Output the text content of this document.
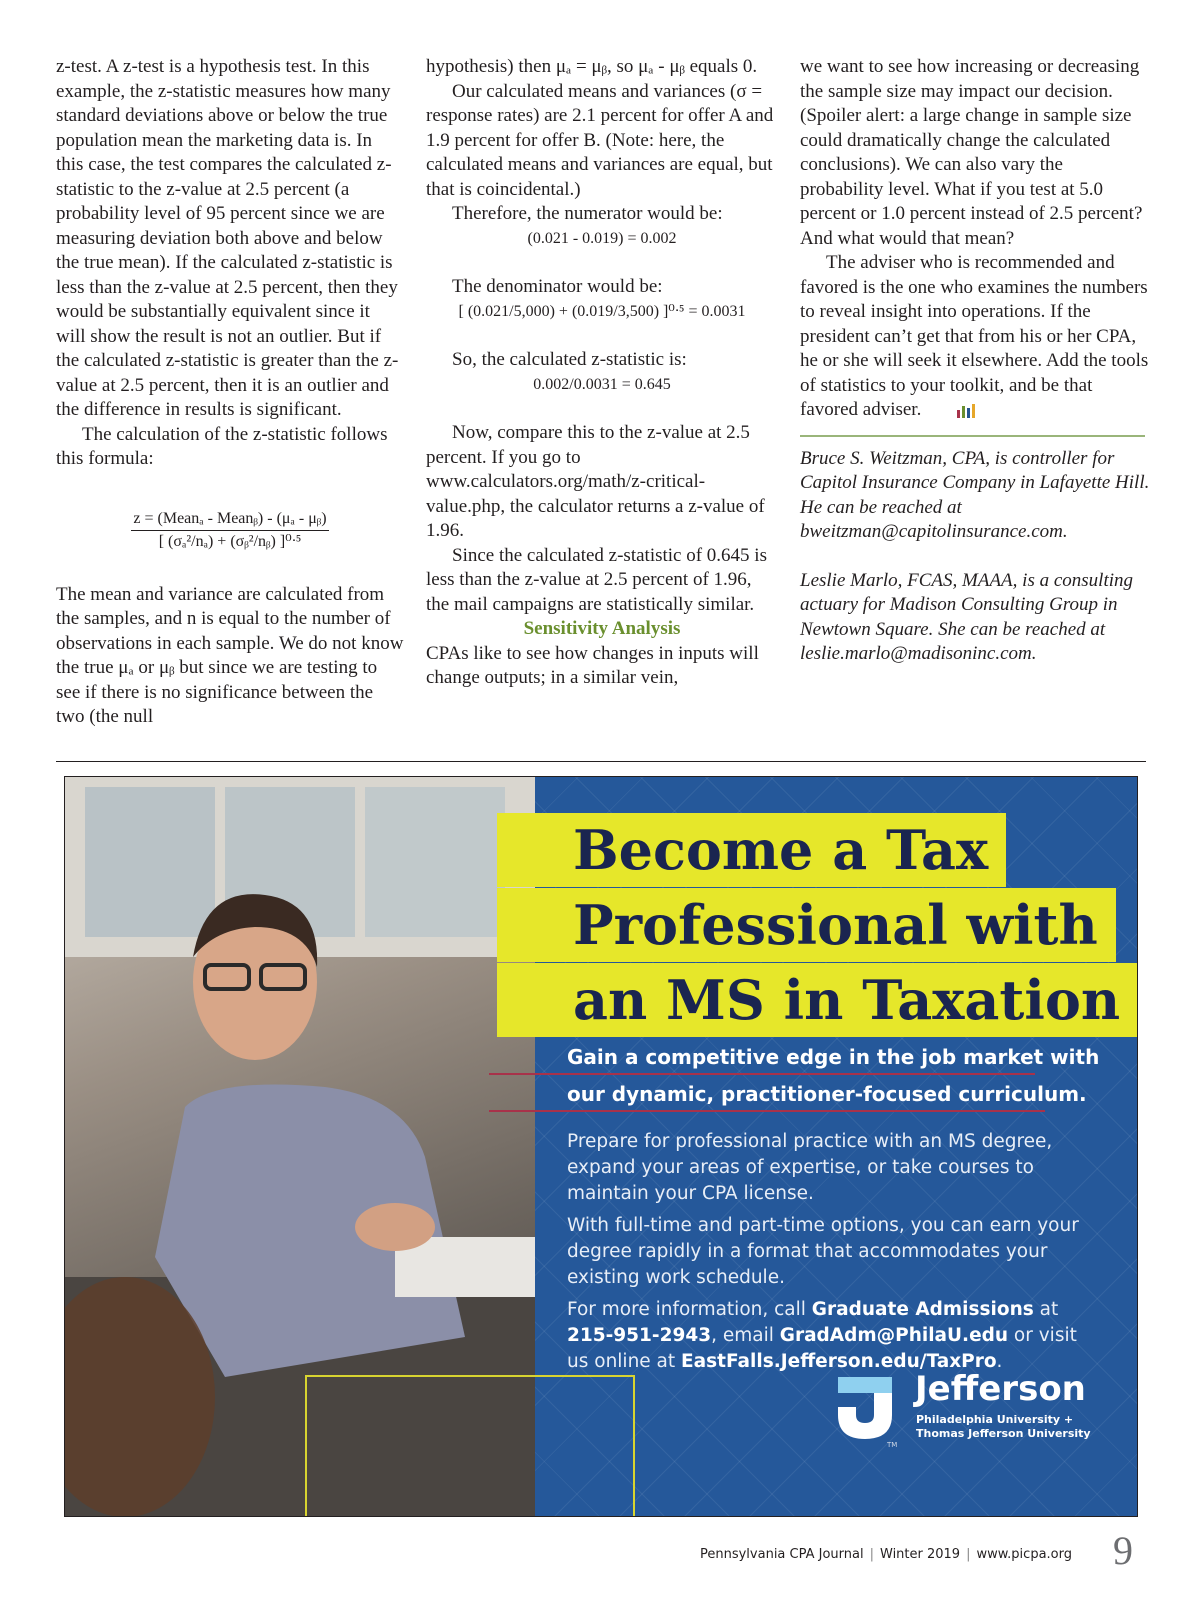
z-test. A z-test is a hypothesis test. In this example, the z-statistic measures how many standard deviations above or below the true population mean the marketing data is. In this case, the test compares the calculated z-statistic to the z-value at 2.5 percent (a probability level of 95 percent since we are measuring deviation both above and below the true mean). If the calculated z-statistic is less than the z-value at 2.5 percent, then they would be substantially equivalent since it will show the result is not an outlier. But if the calculated z-statistic is greater than the z-value at 2.5 percent, then it is an outlier and the difference in results is significant.

The calculation of the z-statistic follows this formula:

z = (Meanₐ - Meanᵦ) - (μₐ - μᵦ)
[ (σₐ²/nₐ) + (σᵦ²/nᵦ) ]⁰ᐧ⁵

The mean and variance are calculated from the samples, and n is equal to the number of observations in each sample. We do not know the true μₐ or μᵦ but since we are testing to see if there is no significance between the two (the null

hypothesis) then μₐ = μᵦ, so μₐ - μᵦ equals 0.

Our calculated means and variances (σ = response rates) are 2.1 percent for offer A and 1.9 percent for offer B. (Note: here, the calculated means and variances are equal, but that is coincidental.)

Therefore, the numerator would be:

(0.021 - 0.019) = 0.002

The denominator would be:

[ (0.021/5,000) + (0.019/3,500) ]⁰ᐧ⁵ = 0.0031

So, the calculated z-statistic is:

0.002/0.0031 = 0.645

Now, compare this to the z-value at 2.5 percent. If you go to www.calculators.org/math/z-critical-value.php, the calculator returns a z-value of 1.96.

Since the calculated z-statistic of 0.645 is less than the z-value at 2.5 percent of 1.96, the mail campaigns are statistically similar.

Sensitivity Analysis

CPAs like to see how changes in inputs will change outputs; in a similar vein,

we want to see how increasing or decreasing the sample size may impact our decision. (Spoiler alert: a large change in sample size could dramatically change the calculated conclusions). We can also vary the probability level. What if you test at 5.0 percent or 1.0 percent instead of 2.5 percent? And what would that mean?

The adviser who is recommended and favored is the one who examines the numbers to reveal insight into operations. If the president can’t get that from his or her CPA, he or she will seek it elsewhere. Add the tools of statistics to your toolkit, and be that favored adviser.

Bruce S. Weitzman, CPA, is controller for Capitol Insurance Company in Lafayette Hill. He can be reached at bweitzman@capitolinsurance.com.

Leslie Marlo, FCAS, MAAA, is a consulting actuary for Madison Consulting Group in Newtown Square. She can be reached at leslie.marlo@madisoninc.com.

Become a Tax
Professional with
an MS in Taxation
Gain a competitive edge in the job market with
our dynamic, practitioner-focused curriculum.
Prepare for professional practice with an MS degree, expand your areas of expertise, or take courses to maintain your CPA license.
With full-time and part-time options, you can earn your degree rapidly in a format that accommodates your existing work schedule.
For more information, call Graduate Admissions at 215-951-2943, email GradAdm@PhilaU.edu or visit us online at EastFalls.Jefferson.edu/TaxPro.
TM
Jefferson
Philadelphia University +
Thomas Jefferson University
Pennsylvania CPA Journal | Winter 2019 | www.picpa.org 9
